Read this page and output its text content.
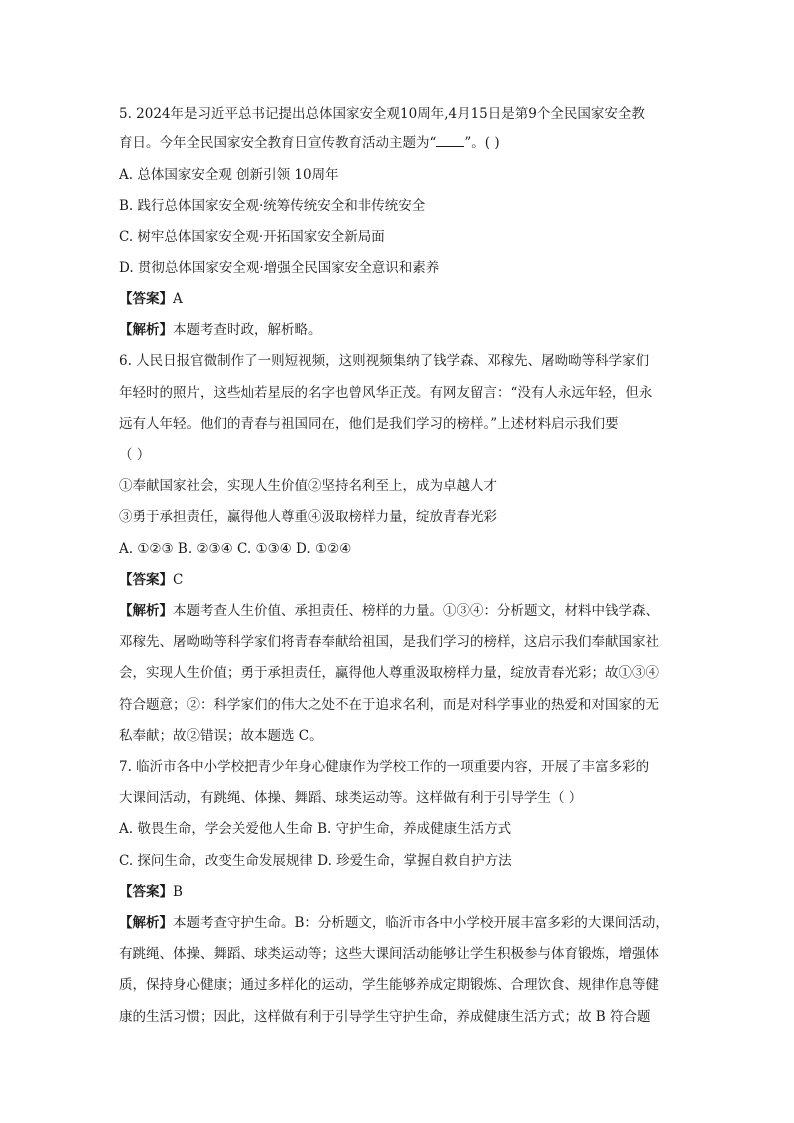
5. 2024年是习近平总书记提出总体国家安全观10周年,4月15日是第9个全民国家安全教
育日。今年全民国家安全教育日宣传教育活动主题为“ ”。( )
A. 总体国家安全观 创新引领 10周年
B. 践行总体国家安全观·统筹传统安全和非传统安全
C. 树牢总体国家安全观·开拓国家安全新局面
D. 贯彻总体国家安全观·增强全民国家安全意识和素养
【答案】A
【解析】本题考查时政，解析略。
6. 人民日报官微制作了一则短视频，这则视频集纳了钱学森、邓稼先、屠呦呦等科学家们
年轻时的照片，这些灿若星辰的名字也曾风华正茂。有网友留言：“没有人永远年轻，但永
远有人年轻。他们的青春与祖国同在，他们是我们学习的榜样。”上述材料启示我们要
（ ）
①奉献国家社会，实现人生价值②坚持名利至上，成为卓越人才
③勇于承担责任，赢得他人尊重④汲取榜样力量，绽放青春光彩
A. ①②③ B. ②③④ C. ①③④ D. ①②④
【答案】C
【解析】本题考查人生价值、承担责任、榜样的力量。①③④：分析题文，材料中钱学森、
邓稼先、屠呦呦等科学家们将青春奉献给祖国，是我们学习的榜样，这启示我们奉献国家社
会，实现人生价值；勇于承担责任，赢得他人尊重汲取榜样力量，绽放青春光彩；故①③④
符合题意；②：科学家们的伟大之处不在于追求名利，而是对科学事业的热爱和对国家的无
私奉献；故②错误；故本题选 C。
7. 临沂市各中小学校把青少年身心健康作为学校工作的一项重要内容，开展了丰富多彩的
大课间活动，有跳绳、体操、舞蹈、球类运动等。这样做有利于引导学生（ ）
A. 敬畏生命，学会关爱他人生命 B. 守护生命，养成健康生活方式
C. 探问生命，改变生命发展规律 D. 珍爱生命，掌握自救自护方法
【答案】B
【解析】本题考查守护生命。B：分析题文，临沂市各中小学校开展丰富多彩的大课间活动，
有跳绳、体操、舞蹈、球类运动等；这些大课间活动能够让学生积极参与体育锻炼，增强体
质，保持身心健康；通过多样化的运动，学生能够养成定期锻炼、合理饮食、规律作息等健
康的生活习惯；因此，这样做有利于引导学生守护生命，养成健康生活方式；故 B 符合题
